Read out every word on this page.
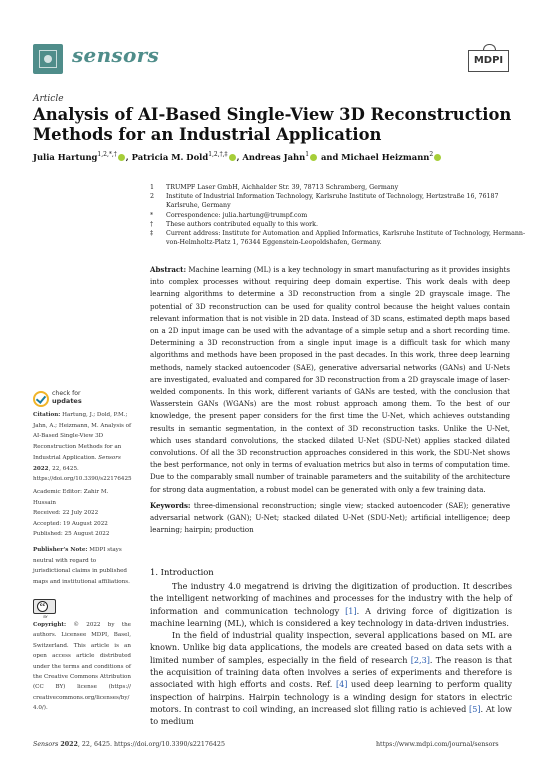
sensors	MDPI
Article
Analysis of AI-Based Single-View 3D Reconstruction Methods for an Industrial Application
Julia Hartung$^{1,2,*,\dagger}$ , Patricia M. Dold$^{1,2,\dagger,\ddagger}$ , Andreas Jahn$^1$ and Michael Heizmann$^2$
1	TRUMPF Laser GmbH, Aichhalder Str. 39, 78713 Schramberg, Germany
2	Institute of Industrial Information Technology, Karlsruhe Institute of Technology, Hertzstraße 16, 76187 Karlsruhe, Germany
*	Correspondence: julia.hartung@trumpf.com
†	These authors contributed equally to this work.
‡	Current address: Institute for Automation and Applied Informatics, Karlsruhe Institute of Technology, Hermann-von-Helmholtz-Platz 1, 76344 Eggenstein-Leopoldshafen, Germany.
Abstract: Machine learning (ML) is a key technology in smart manufacturing as it provides insights into complex processes without requiring deep domain expertise. This work deals with deep learning algorithms to determine a 3D reconstruction from a single 2D grayscale image. The potential of 3D reconstruction can be used for quality control because the height values contain relevant information that is not visible in 2D data. Instead of 3D scans, estimated depth maps based on a 2D input image can be used with the advantage of a simple setup and a short recording time. Determining a 3D reconstruction from a single input image is a difficult task for which many algorithms and methods have been proposed in the past decades. In this work, three deep learning methods, namely stacked autoencoder (SAE), generative adversarial networks (GANs) and U-Nets are investigated, evaluated and compared for 3D reconstruction from a 2D grayscale image of laser-welded components. In this work, different variants of GANs are tested, with the conclusion that Wasserstein GANs (WGANs) are the most robust approach among them. To the best of our knowledge, the present paper considers for the first time the U-Net, which achieves outstanding results in semantic segmentation, in the context of 3D reconstruction tasks. Unlike the U-Net, which uses standard convolutions, the stacked dilated U-Net (SDU-Net) applies stacked dilated convolutions. Of all the 3D reconstruction approaches considered in this work, the SDU-Net shows the best performance, not only in terms of evaluation metrics but also in terms of computation time. Due to the comparably small number of trainable parameters and the suitability of the architecture for strong data augmentation, a robust model can be generated with only a few training data.
Keywords: three-dimensional reconstruction; single view; stacked autoencoder (SAE); generative adversarial network (GAN); U-Net; stacked dilated U-Net (SDU-Net); artificial intelligence; deep learning; hairpin; production
check for
updates
Citation: Hartung, J.; Dold, P.M.; Jahn, A.; Heizmann, M. Analysis of AI-Based Single-View 3D Reconstruction Methods for an Industrial Application. Sensors 2022, 22, 6425. https://doi.org/10.3390/s22176425
Academic Editor: Zahir M. Hussain
Received: 22 July 2022
Accepted: 19 August 2022
Published: 25 August 2022
Publisher’s Note: MDPI stays neutral with regard to jurisdictional claims in published maps and institutional affiliations.
cc
BY
Copyright: © 2022 by the authors. Licensee MDPI, Basel, Switzerland. This article is an open access article distributed under the terms and conditions of the Creative Commons Attribution (CC BY) license (https:// creativecommons.org/licenses/by/ 4.0/).
1. Introduction

The industry 4.0 megatrend is driving the digitization of production. It describes the intelligent networking of machines and processes for the industry with the help of information and communication technology [1]. A driving force of digitization is machine learning (ML), which is considered a key technology in data-driven industries.

In the field of industrial quality inspection, several applications based on ML are known. Unlike big data applications, the models are created based on data sets with a limited number of samples, especially in the field of research [2,3]. The reason is that the acquisition of training data often involves a series of experiments and therefore is associated with high efforts and costs. Ref. [4] used deep learning to perform quality inspection of hairpins. Hairpin technology is a winding design for stators in electric motors. In contrast to coil winding, an increased slot filling ratio is achieved [5]. At low to medium

Sensors 2022, 22, 6425. https://doi.org/10.3390/s22176425	https://www.mdpi.com/journal/sensors
